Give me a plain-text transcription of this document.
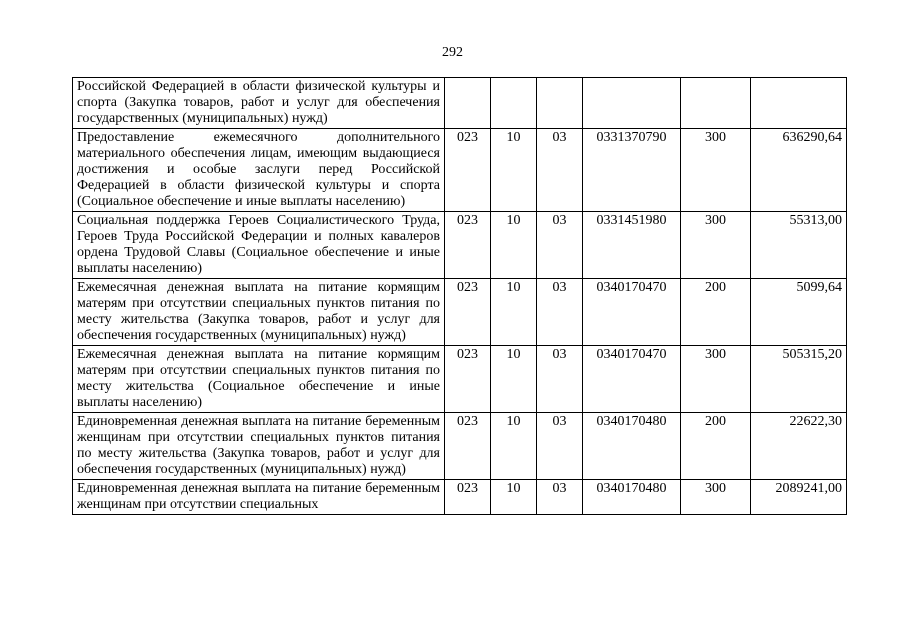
292
Российской Федерацией в области физической культуры и спорта (Закупка товаров, работ и услуг для обеспечения государственных (муниципальных) нужд)						
Предоставление ежемесячного дополнительного материального обеспечения лицам, имеющим выдающиеся достижения и особые заслуги перед Российской Федерацией в области физической культуры и спорта (Социальное обеспечение и иные выплаты населению)	023	10	03	0331370790	300	636290,64
Социальная поддержка Героев Социалистического Труда, Героев Труда Российской Федерации и полных кавалеров ордена Трудовой Славы (Социальное обеспечение и иные выплаты населению)	023	10	03	0331451980	300	55313,00
Ежемесячная денежная выплата на питание кормящим матерям при отсутствии специальных пунктов питания по месту жительства (Закупка товаров, работ и услуг для обеспечения государственных (муниципальных) нужд)	023	10	03	0340170470	200	5099,64
Ежемесячная денежная выплата на питание кормящим матерям при отсутствии специальных пунктов питания по месту жительства (Социальное обеспечение и иные выплаты населению)	023	10	03	0340170470	300	505315,20
Единовременная денежная выплата на питание беременным женщинам при отсутствии специальных пунктов питания по месту жительства (Закупка товаров, работ и услуг для обеспечения государственных (муниципальных) нужд)	023	10	03	0340170480	200	22622,30
Единовременная денежная выплата на питание беременным женщинам при отсутствии специальных	023	10	03	0340170480	300	2089241,00
